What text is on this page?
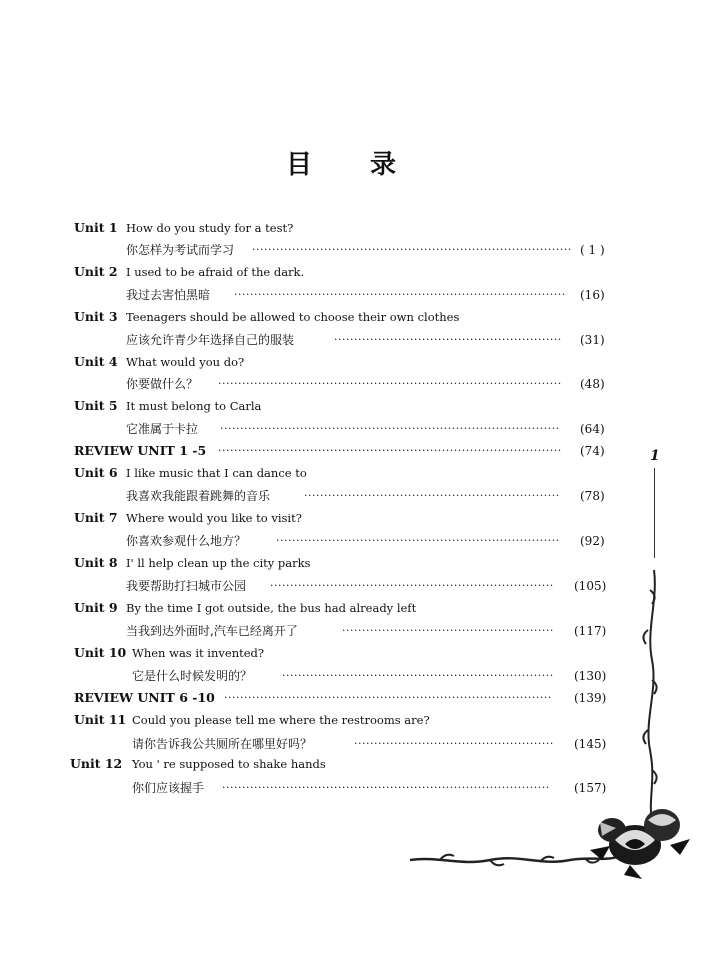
目 录
Unit 1 How do you study for a test?
你怎样为考试而学习 ················································································ ( 1 )
Unit 2 I used to be afraid of the dark.
我过去害怕黑暗 ···················································································	(16)
Unit 3 Teenagers should be allowed to choose their own clothes
应该允许青少年选择自己的服装	·························································	(31)
Unit 4 What would you do?
你要做什么？ ······················································································	(48)
Unit 5 It must belong to Carla
它准属于卡拉 ·····················································································	(64)
REVIEW UNIT 1 -5 ······················································································	(74)
Unit 6 I like music that I can dance to
我喜欢我能跟着跳舞的音乐	································································	(78)
Unit 7 Where would you like to visit?
你喜欢参观什么地方？	·······································································	(92)
Unit 8 I' ll help clean up the city parks
我要帮助打扫城市公园 ·······································································	(105)
Unit 9 By the time I got outside, the bus had already left
当我到达外面时,汽车已经离开了	·····················································	(117)
Unit 10 When was it invented?
它是什么时候发明的？	····································································	(130)
REVIEW UNIT 6 -10 ··················································································	(139)
Unit 11 Could you please tell me where the restrooms are?
请你告诉我公共厕所在哪里好吗？	··················································	(145)
Unit 12 You ' re supposed to shake hands
你们应该握手 ··················································································	(157)
1
